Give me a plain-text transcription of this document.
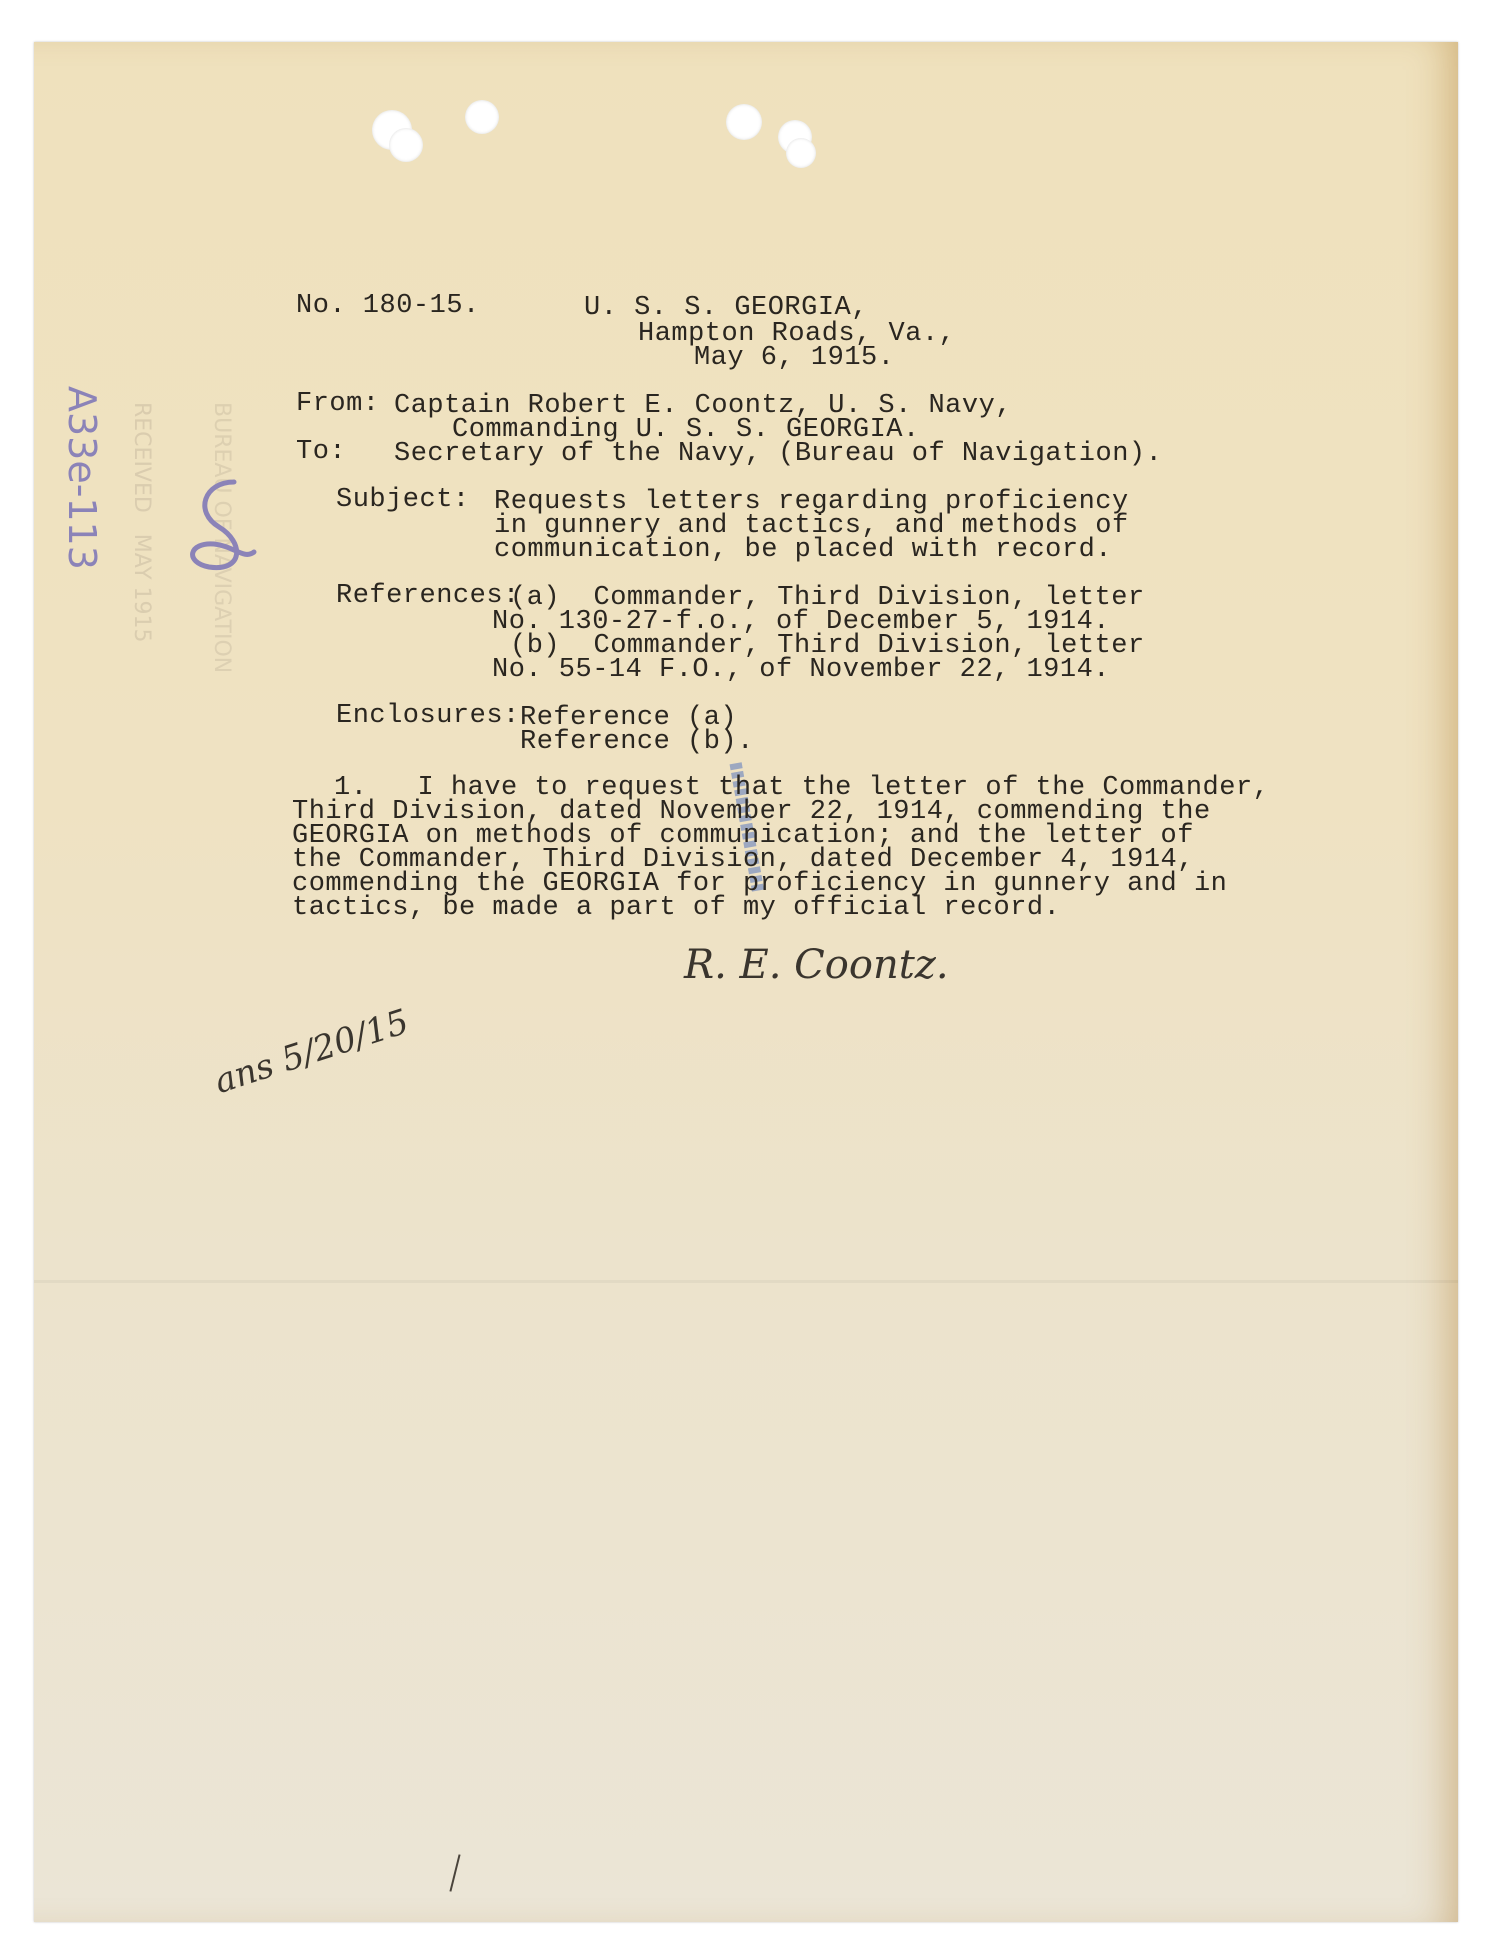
RECEIVED   MAY 1915	BUREAU OF NAVIGATION
A33e-113
▮▮▮▮▮▮▮▮▮▮▮▮▮▮▮

No. 180-15.	U. S. S. GEORGIA,

Hampton Roads, Va.,

May 6, 1915.

From: Captain Robert E. Coontz, U. S. Navy,

Commanding U. S. S. GEORGIA.

To: Secretary of the Navy, (Bureau of Navigation).

Subject: Requests letters regarding proficiency

in gunnery and tactics, and methods of

communication, be placed with record.

References:

(a)  Commander, Third Division, letter

No. 130-27-f.o., of December 5, 1914.

(b)  Commander, Third Division, letter

No. 55-14 F.O., of November 22, 1914.

Enclosures: Reference (a)

Reference (b).

1.   I have to request that the letter of the Commander,

Third Division, dated November 22, 1914, commending the

GEORGIA on methods of communication; and the letter of

the Commander, Third Division, dated December 4, 1914,

commending the GEORGIA for proficiency in gunnery and in

tactics, be made a part of my official record.

R. E. Coontz.
ans 5/20/15
